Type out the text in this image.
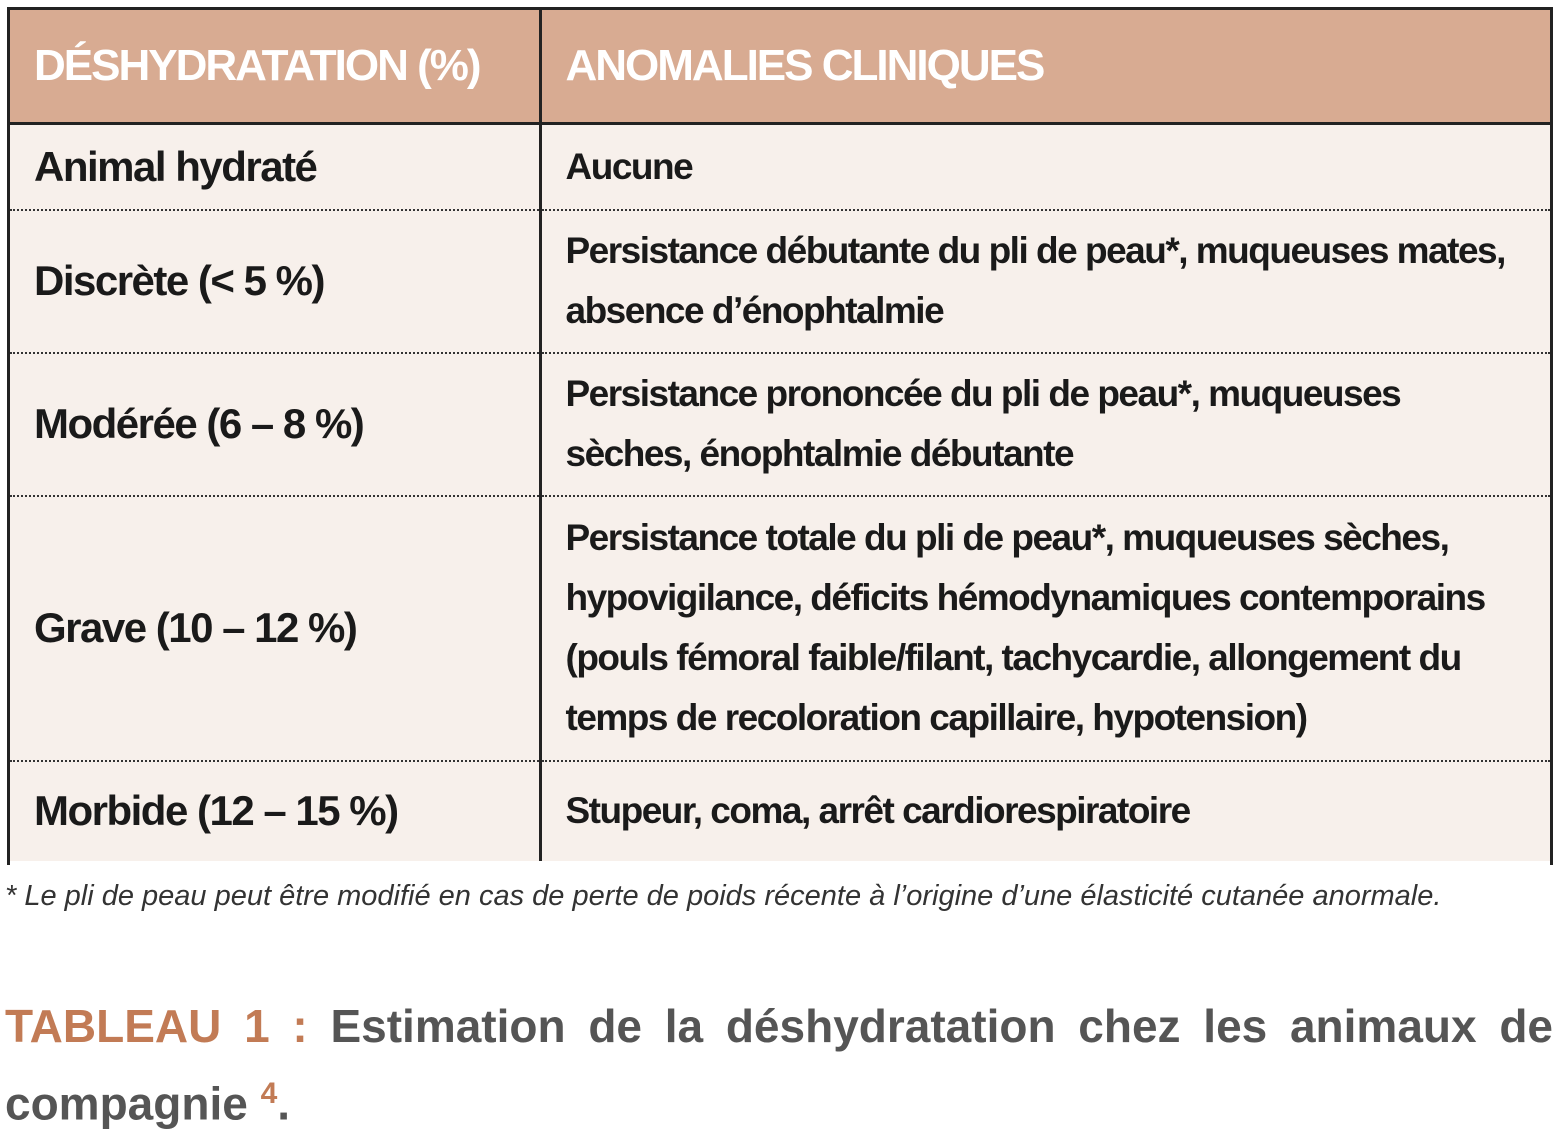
DÉSHYDRATATION (%)	ANOMALIES CLINIQUES
Animal hydraté	Aucune
Discrète (< 5 %)	Persistance débutante du pli de peau*, muqueuses mates, absence d’énophtalmie
Modérée (6 – 8 %)	Persistance prononcée du pli de peau*, muqueuses sèches, énophtalmie débutante
Grave (10 – 12 %)	Persistance totale du pli de peau*, muqueuses sèches, hypovigilance, déficits hémodynamiques contemporains (pouls fémoral faible/filant, tachycardie, allongement du temps de recoloration capillaire, hypotension)
Morbide (12 – 15 %)	Stupeur, coma, arrêt cardiorespiratoire
* Le pli de peau peut être modifié en cas de perte de poids récente à l’origine d’une élasticité cutanée anormale.
TABLEAU 1 : Estimation de la déshydratation chez les animaux de compagnie $^4$.
